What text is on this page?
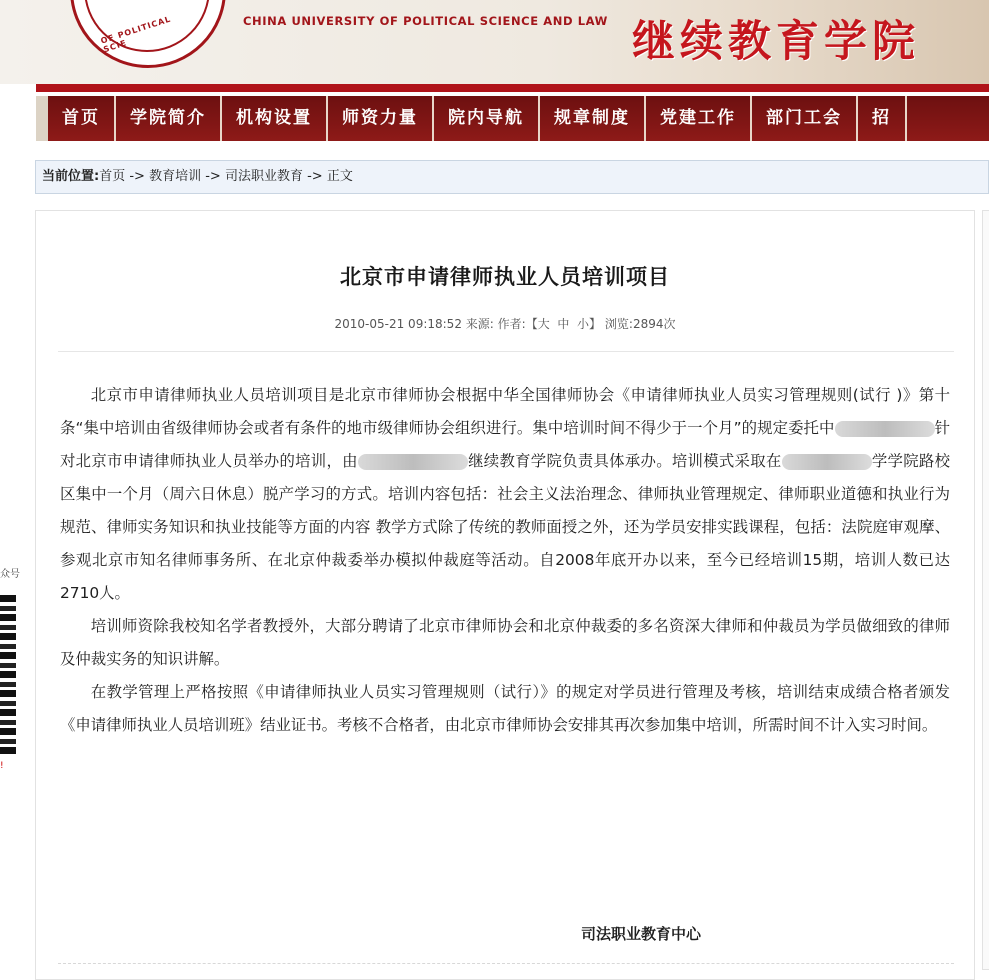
OF POLITICAL SCIE
CHINA UNIVERSITY OF POLITICAL SCIENCE AND LAW 继续教育学院
首页 学院简介 机构设置 师资力量 院内导航 规章制度 党建工作 部门工会 招
当前位置:首页 -> 教育培训 -> 司法职业教育 -> 正文
众号
!
北京市申请律师执业人员培训项目
2010-05-21 09:18:52 来源: 作者:【大 中 小】 浏览:2894次

北京市申请律师执业人员培训项目是北京市律师协会根据中华全国律师协会《申请律师执业人员实习管理规则(试行 )》第十条“集中培训由省级律师协会或者有条件的地市级律师协会组织进行。集中培训时间不得少于一个月”的规定委托中	针对北京市申请律师执业人员举办的培训，由	继续教育学院负责具体承办。培训模式采取在	学学院路校区集中一个月（周六日休息）脱产学习的方式。培训内容包括：社会主义法治理念、律师执业管理规定、律师职业道德和执业行为规范、律师实务知识和执业技能等方面的内容 教学方式除了传统的教师面授之外，还为学员安排实践课程，包括：法院庭审观摩、参观北京市知名律师事务所、在北京仲裁委举办模拟仲裁庭等活动。自2008年底开办以来，至今已经培训15期，培训人数已达2710人。

培训师资除我校知名学者教授外，大部分聘请了北京市律师协会和北京仲裁委的多名资深大律师和仲裁员为学员做细致的律师及仲裁实务的知识讲解。

在教学管理上严格按照《申请律师执业人员实习管理规则（试行）》的规定对学员进行管理及考核，培训结束成绩合格者颁发《申请律师执业人员培训班》结业证书。考核不合格者，由北京市律师协会安排其再次参加集中培训，所需时间不计入实习时间。

司法职业教育中心
